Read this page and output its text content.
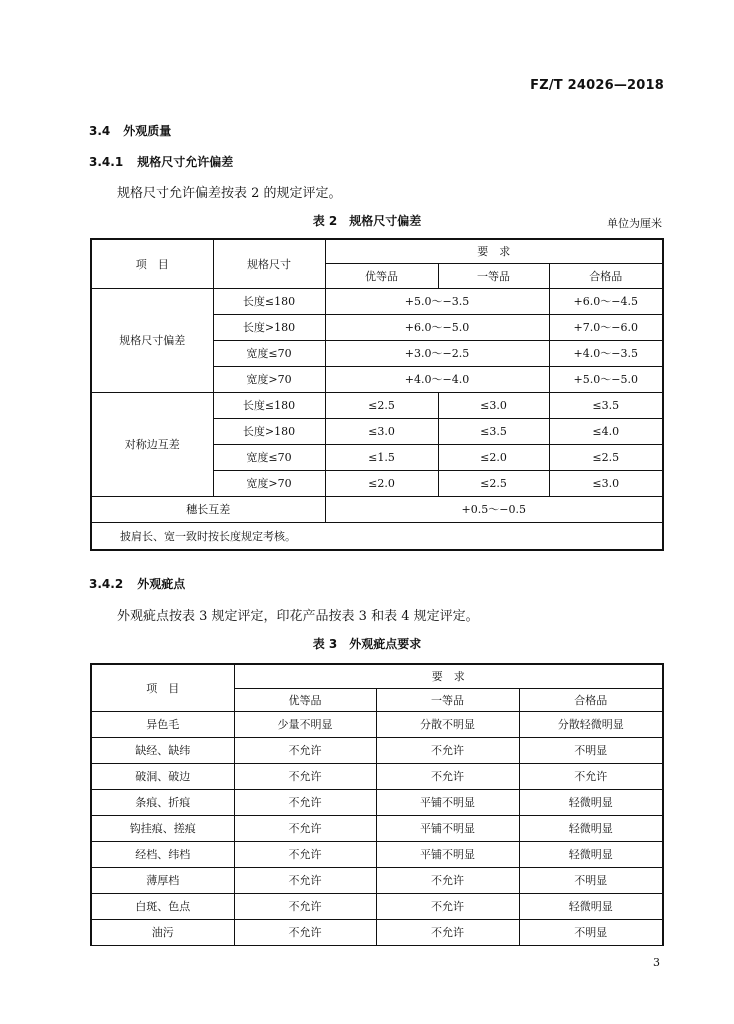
FZ/T 24026—2018
3.4 外观质量
3.4.1 规格尺寸允许偏差
规格尺寸允许偏差按表 2 的规定评定。
表 2　规格尺寸偏差	单位为厘米
项　目	规格尺寸	要　求		
		优等品	一等品	合格品
规格尺寸偏差	长度≤180	+5.0～−3.5		+6.0～−4.5
	长度>180	+6.0～−5.0		+7.0～−6.0
	宽度≤70	+3.0～−2.5		+4.0～−3.5
	宽度>70	+4.0～−4.0		+5.0～−5.0
对称边互差	长度≤180	≤2.5	≤3.0	≤3.5
	长度>180	≤3.0	≤3.5	≤4.0
	宽度≤70	≤1.5	≤2.0	≤2.5
	宽度>70	≤2.0	≤2.5	≤3.0
穗长互差		+0.5～−0.5		
披肩长、宽一致时按长度规定考核。				
3.4.2 外观疵点
外观疵点按表 3 规定评定，印花产品按表 3 和表 4 规定评定。
表 3　外观疵点要求
项　目	要　求		
	优等品	一等品	合格品
异色毛	少量不明显	分散不明显	分散轻微明显
缺经、缺纬	不允许	不允许	不明显
破洞、破边	不允许	不允许	不允许
条痕、折痕	不允许	平铺不明显	轻微明显
钩挂痕、搓痕	不允许	平铺不明显	轻微明显
经档、纬档	不允许	平铺不明显	轻微明显
薄厚档	不允许	不允许	不明显
白斑、色点	不允许	不允许	轻微明显
油污	不允许	不允许	不明显
3
